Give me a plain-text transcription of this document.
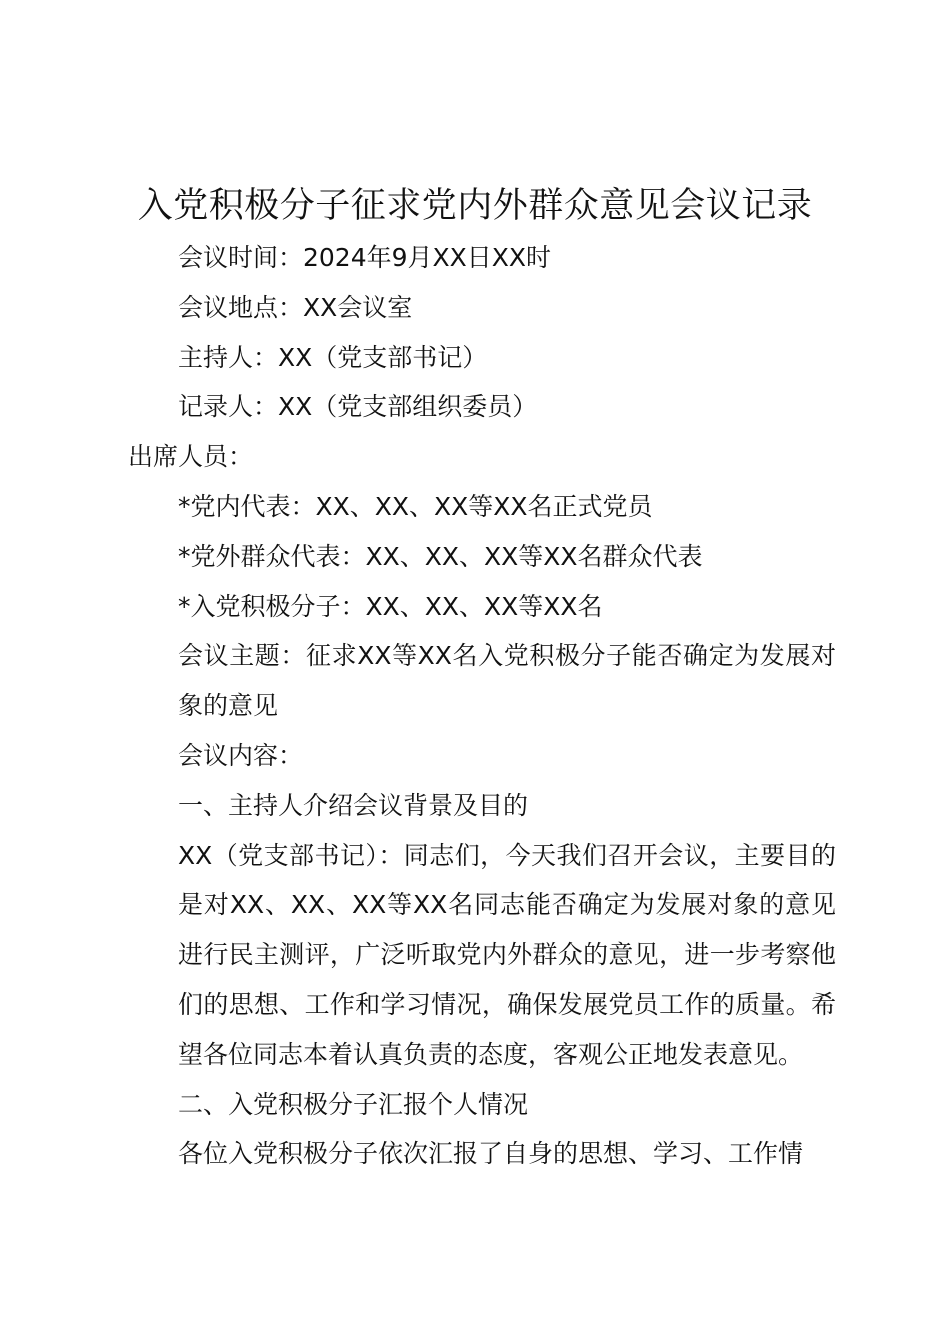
入党积极分子征求党内外群众意见会议记录

会议时间：2024年9月XX日XX时

会议地点：XX会议室

主持人：XX（党支部书记）

记录人：XX（党支部组织委员）

出席人员：

*党内代表：XX、XX、XX等XX名正式党员

*党外群众代表：XX、XX、XX等XX名群众代表

*入党积极分子：XX、XX、XX等XX名

会议主题：征求XX等XX名入党积极分子能否确定为发展对象的意见

会议内容：

一、主持人介绍会议背景及目的

XX（党支部书记）：同志们，今天我们召开会议，主要目的是对XX、XX、XX等XX名同志能否确定为发展对象的意见进行民主测评，广泛听取党内外群众的意见，进一步考察他们的思想、工作和学习情况，确保发展党员工作的质量。希望各位同志本着认真负责的态度，客观公正地发表意见。

二、入党积极分子汇报个人情况

各位入党积极分子依次汇报了自身的思想、学习、工作情
